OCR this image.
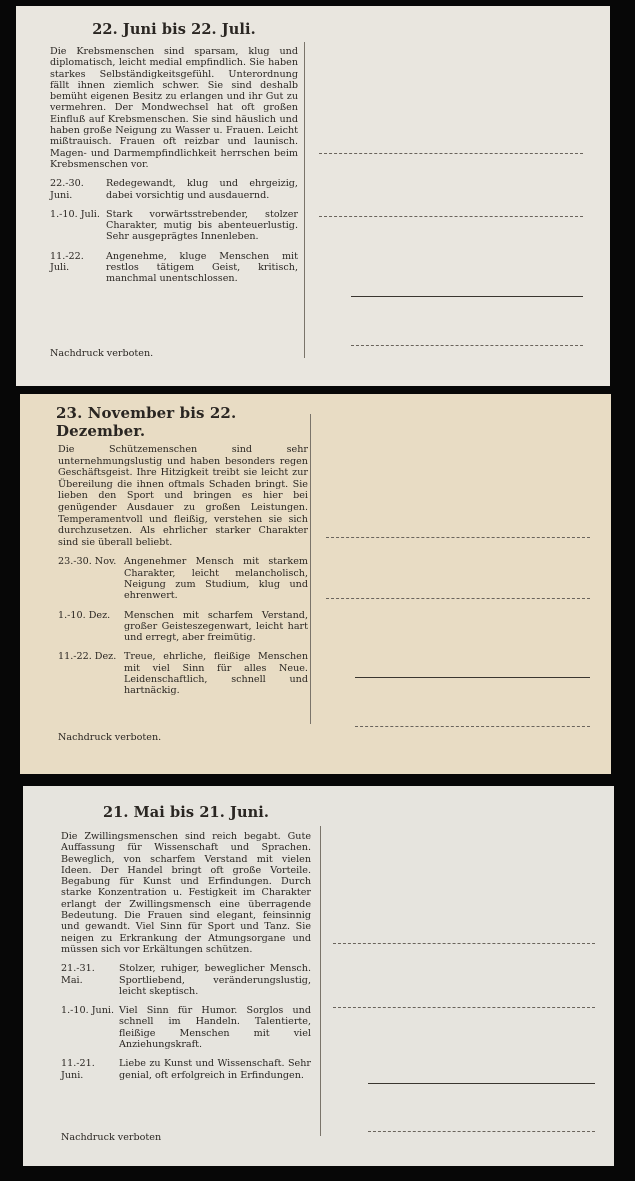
22. Juni bis 22. Juli.
Die Krebsmenschen sind sparsam, klug und diplomatisch, leicht medial empfindlich. Sie haben starkes Selbständigkeitsgefühl. Unterordnung fällt ihnen ziemlich schwer. Sie sind deshalb bemüht eigenen Besitz zu erlangen und ihr Gut zu vermehren. Der Mondwechsel hat oft großen Einfluß auf Krebsmenschen. Sie sind häuslich und haben große Neigung zu Wasser u. Frauen. Leicht mißtrauisch. Frauen oft reizbar und launisch. Magen- und Darmempfindlichkeit herrschen beim Krebsmenschen vor.
22.-30. Juni.
Redegewandt, klug und ehrgeizig, dabei vorsichtig und ausdauernd.
1.-10. Juli. Stark vorwärtsstrebender, stolzer Charakter, mutig bis abenteuerlustig. Sehr ausgeprägtes Innenleben.
11.-22. Juli.
Angenehme, kluge Menschen mit restlos tätigem Geist, kritisch, manchmal unentschlossen.
Nachdruck verboten.
23. November bis 22. Dezember.
Die Schützemenschen sind sehr unternehmungslustig und haben besonders regen Geschäftsgeist. Ihre Hitzigkeit treibt sie leicht zur Übereilung die ihnen oftmals Schaden bringt. Sie lieben den Sport und bringen es hier bei genügender Ausdauer zu großen Leistungen. Temperamentvoll und fleißig, verstehen sie sich durchzusetzen. Als ehrlicher starker Charakter sind sie überall beliebt.
23.-30. Nov. Angenehmer Mensch mit starkem Charakter, leicht melancholisch, Neigung zum Studium, klug und ehrenwert.
1.-10. Dez.	Menschen mit scharfem Verstand, großer Geisteszegenwart, leicht hart und erregt, aber freimütig.
11.-22. Dez. Treue, ehrliche, fleißige Menschen mit viel Sinn für alles Neue. Leidenschaftlich, schnell und hartnäckig.
Nachdruck verboten.
21. Mai bis 21. Juni.
Die Zwillingsmenschen sind reich begabt. Gute Auffassung für Wissenschaft und Sprachen. Beweglich, von scharfem Verstand mit vielen Ideen. Der Handel bringt oft große Vorteile. Begabung für Kunst und Erfindungen. Durch starke Konzentration u. Festigkeit im Charakter erlangt der Zwillingsmensch eine überragende Bedeutung. Die Frauen sind elegant, feinsinnig und gewandt. Viel Sinn für Sport und Tanz. Sie neigen zu Erkrankung der Atmungsorgane und müssen sich vor Erkältungen schützen.
21.-31. Mai.
Stolzer, ruhiger, beweglicher Mensch. Sportliebend, veränderungslustig, leicht skeptisch.
1.-10. Juni. Viel Sinn für Humor. Sorglos und schnell im Handeln. Talentierte, fleißige Menschen mit viel Anziehungskraft.
11.-21. Juni.
Liebe zu Kunst und Wissenschaft. Sehr genial, oft erfolgreich in Erfindungen.
Nachdruck verboten
